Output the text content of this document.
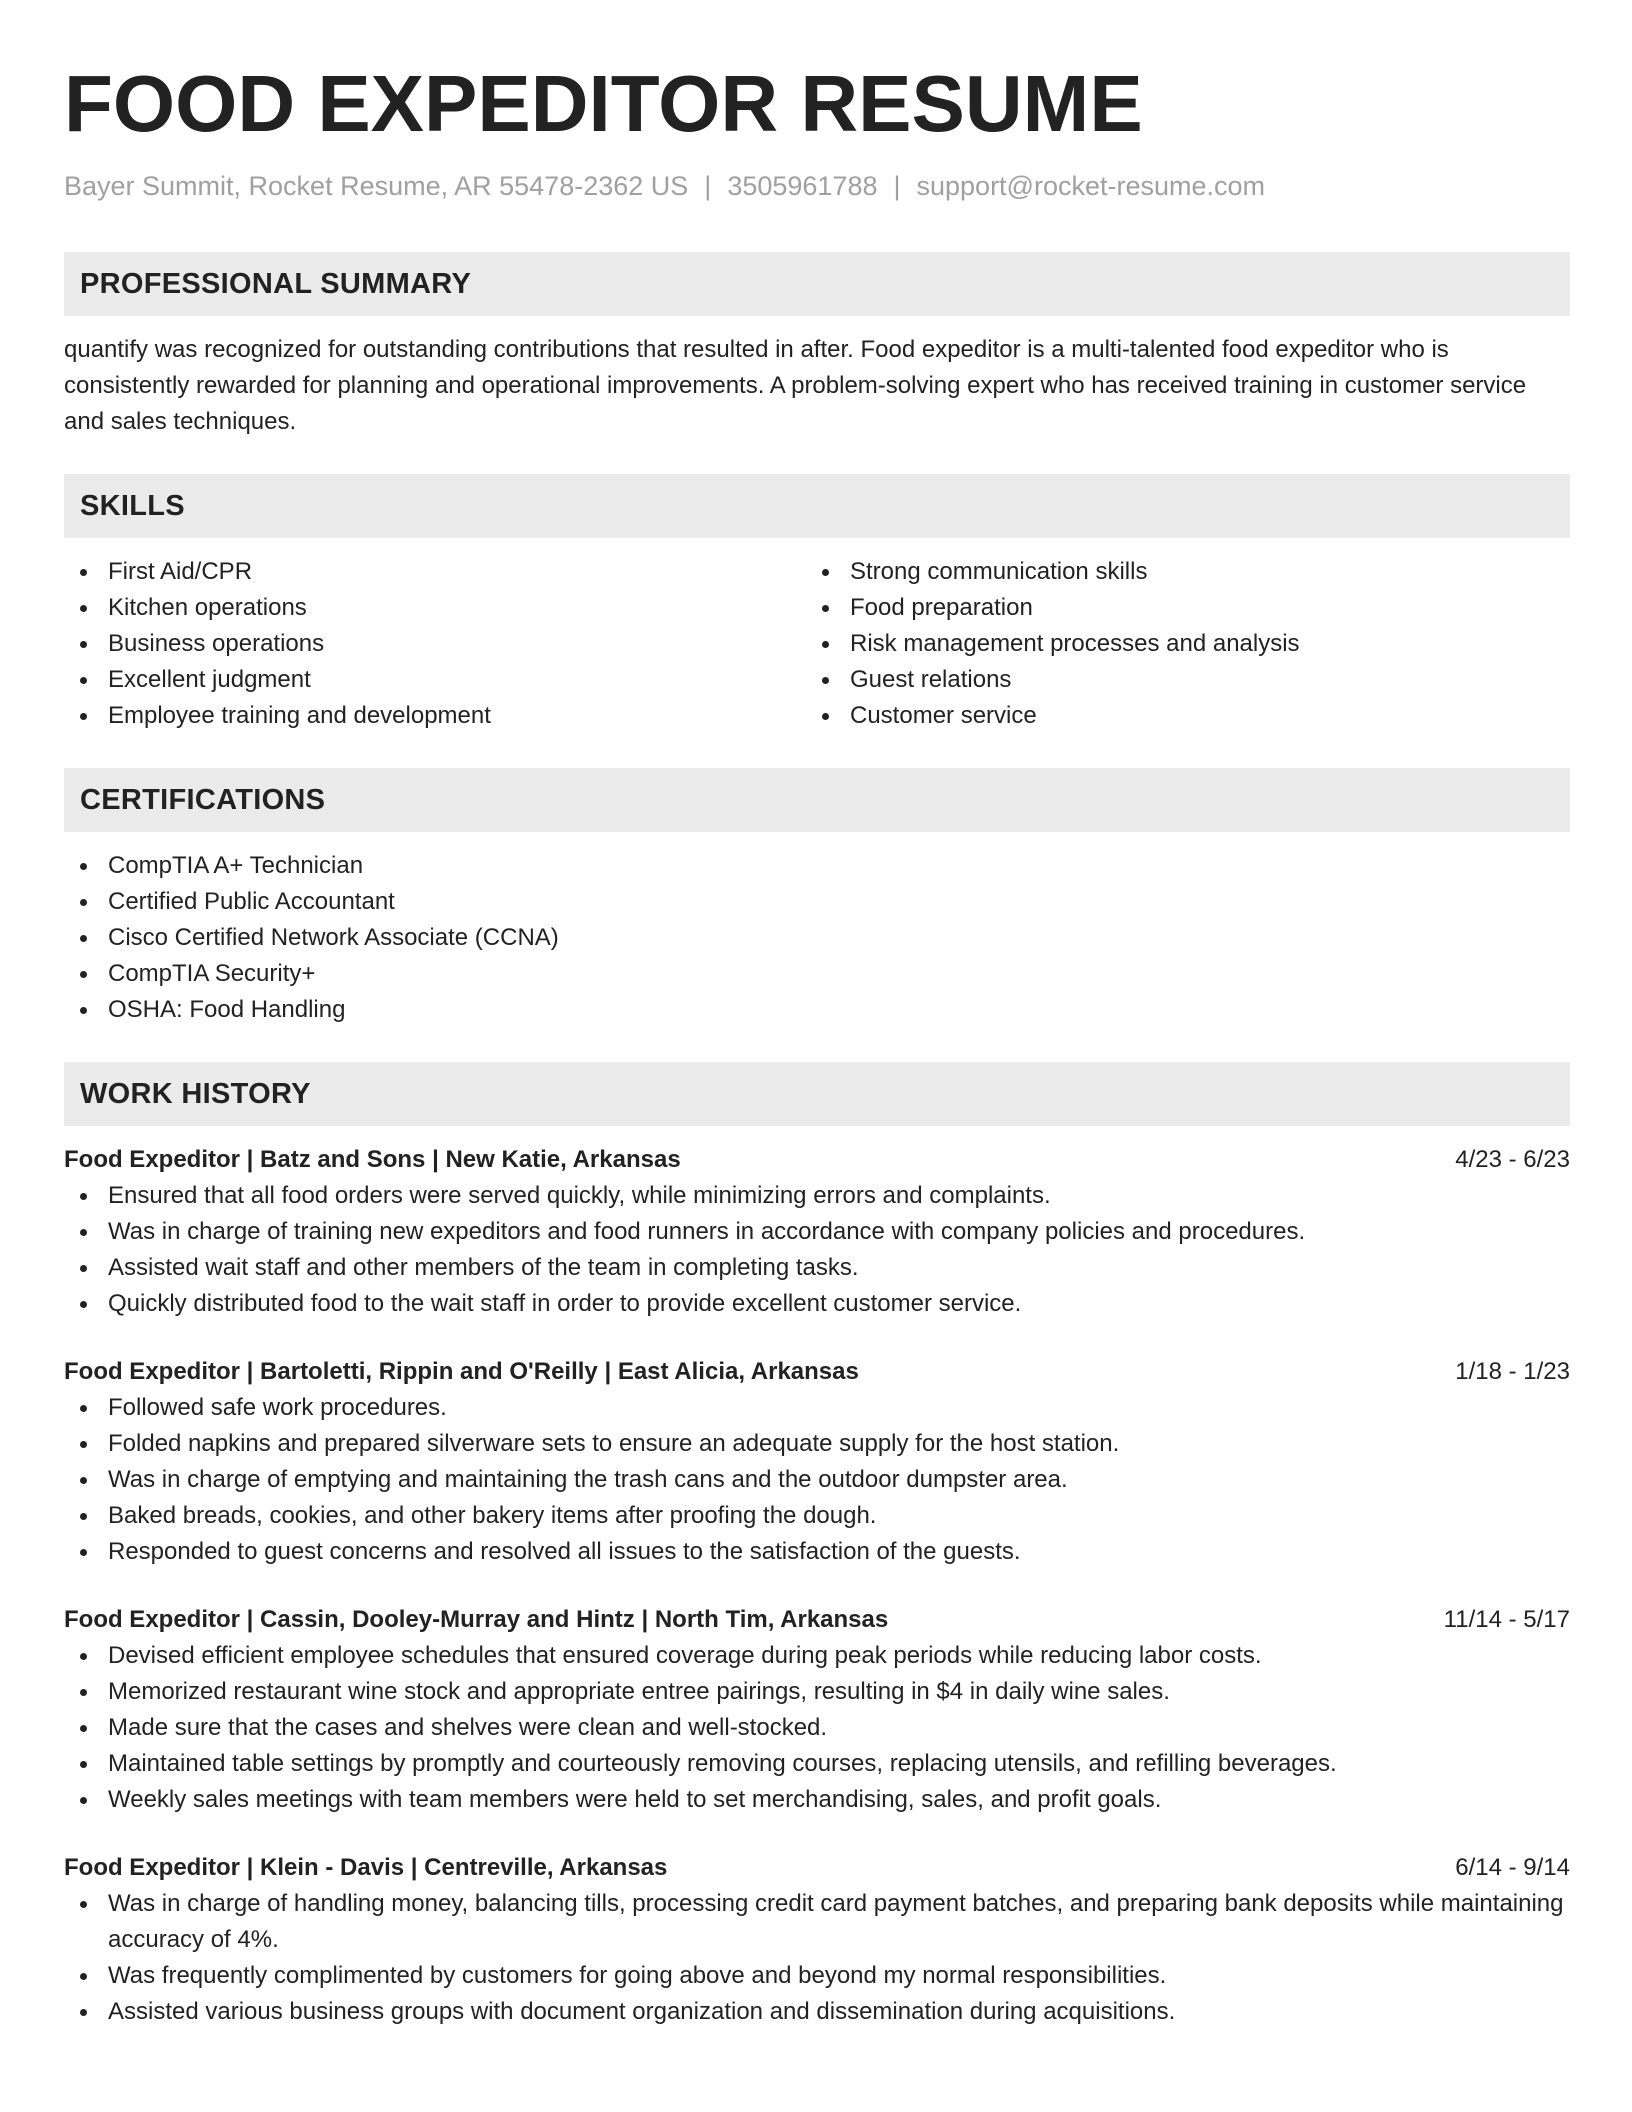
FOOD EXPEDITOR RESUME
Bayer Summit, Rocket Resume, AR 55478-2362 US | 3505961788 | support@rocket-resume.com
PROFESSIONAL SUMMARY
quantify was recognized for outstanding contributions that resulted in after. Food expeditor is a multi-talented food expeditor who is consistently rewarded for planning and operational improvements. A problem-solving expert who has received training in customer service and sales techniques.
SKILLS
First Aid/CPR
Kitchen operations
Business operations
Excellent judgment
Employee training and development
Strong communication skills
Food preparation
Risk management processes and analysis
Guest relations
Customer service
CERTIFICATIONS
CompTIA A+ Technician
Certified Public Accountant
Cisco Certified Network Associate (CCNA)
CompTIA Security+
OSHA: Food Handling
WORK HISTORY
Food Expeditor | Batz and Sons | New Katie, Arkansas	4/23 - 6/23
Ensured that all food orders were served quickly, while minimizing errors and complaints.
Was in charge of training new expeditors and food runners in accordance with company policies and procedures.
Assisted wait staff and other members of the team in completing tasks.
Quickly distributed food to the wait staff in order to provide excellent customer service.
Food Expeditor | Bartoletti, Rippin and O'Reilly | East Alicia, Arkansas	1/18 - 1/23
Followed safe work procedures.
Folded napkins and prepared silverware sets to ensure an adequate supply for the host station.
Was in charge of emptying and maintaining the trash cans and the outdoor dumpster area.
Baked breads, cookies, and other bakery items after proofing the dough.
Responded to guest concerns and resolved all issues to the satisfaction of the guests.
Food Expeditor | Cassin, Dooley-Murray and Hintz | North Tim, Arkansas	11/14 - 5/17
Devised efficient employee schedules that ensured coverage during peak periods while reducing labor costs.
Memorized restaurant wine stock and appropriate entree pairings, resulting in $4 in daily wine sales.
Made sure that the cases and shelves were clean and well-stocked.
Maintained table settings by promptly and courteously removing courses, replacing utensils, and refilling beverages.
Weekly sales meetings with team members were held to set merchandising, sales, and profit goals.
Food Expeditor | Klein - Davis | Centreville, Arkansas	6/14 - 9/14
Was in charge of handling money, balancing tills, processing credit card payment batches, and preparing bank deposits while maintaining accuracy of 4%.
Was frequently complimented by customers for going above and beyond my normal responsibilities.
Assisted various business groups with document organization and dissemination during acquisitions.
